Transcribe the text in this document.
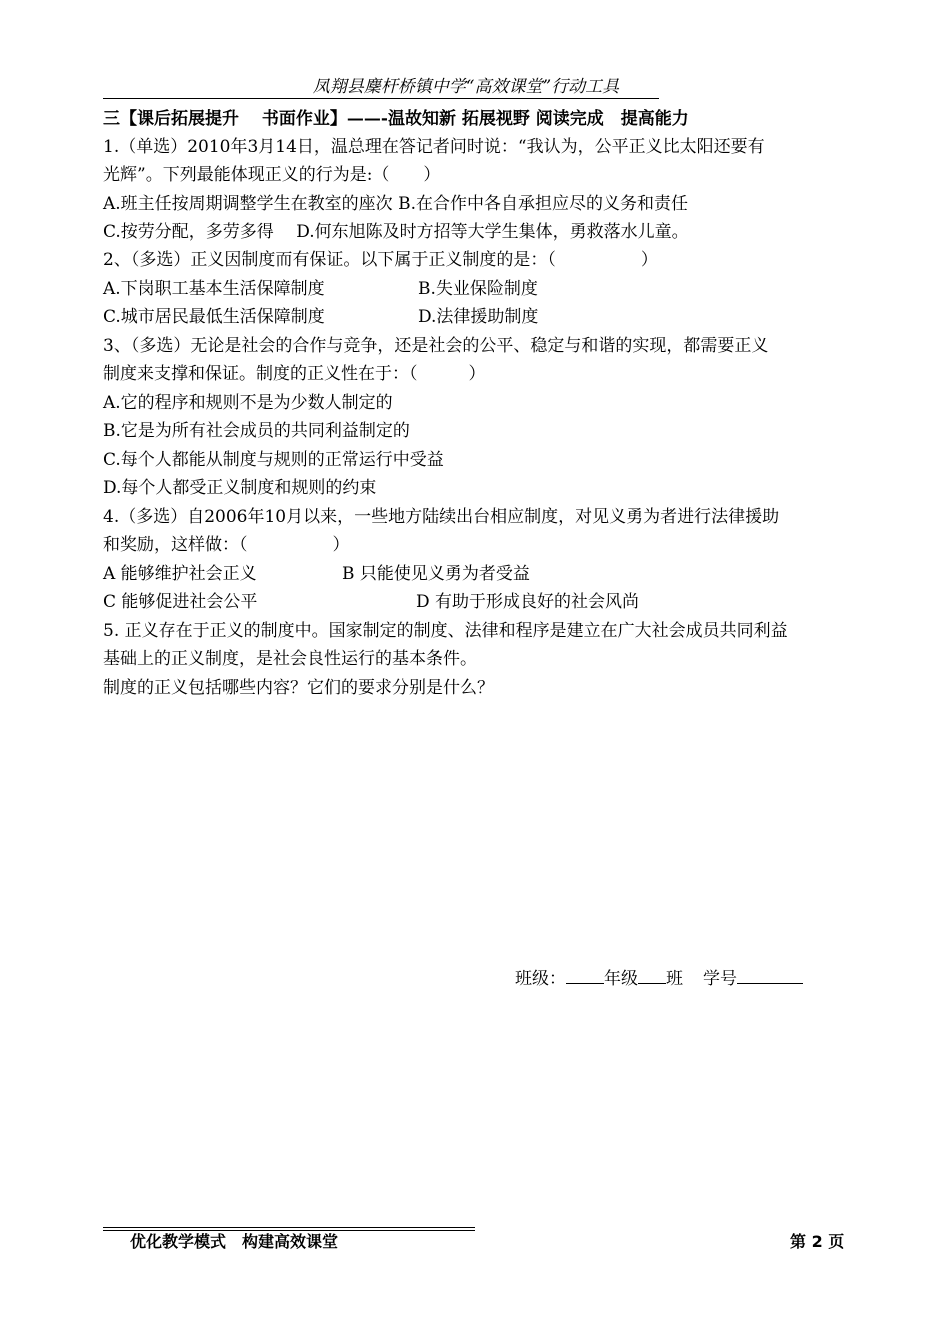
凤翔县麇杆桥镇中学“高效课堂”行动工具
三【课后拓展提升　 书面作业】——-温故知新 拓展视野 阅读完成　提高能力
1.（单选）2010年3月14日，温总理在答记者问时说：“我认为，公平正义比太阳还要有
光辉”。下列最能体现正义的行为是:（　　）
A.班主任按周期调整学生在教室的座次 B.在合作中各自承担应尽的义务和责任
C.按劳分配，多劳多得　 D.何东旭陈及时方招等大学生集体，勇救落水儿童。
2、（多选）正义因制度而有保证。以下属于正义制度的是：（　　　　　）
A.下岗职工基本生活保障制度	B.失业保险制度
C.城市居民最低生活保障制度	D.法律援助制度
3、（多选）无论是社会的合作与竞争，还是社会的公平、稳定与和谐的实现，都需要正义
制度来支撑和保证。制度的正义性在于：（　　　）
A.它的程序和规则不是为少数人制定的
B.它是为所有社会成员的共同利益制定的
C.每个人都能从制度与规则的正常运行中受益
D.每个人都受正义制度和规则的约束
4.（多选）自2006年10月以来，一些地方陆续出台相应制度，对见义勇为者进行法律援助
和奖励，这样做：（　　　　　）
A 能够维护社会正义	B 只能使见义勇为者受益
C 能够促进社会公平	D 有助于形成良好的社会风尚
5. 正义存在于正义的制度中。国家制定的制度、法律和程序是建立在广大社会成员共同利益
基础上的正义制度，是社会良性运行的基本条件。
制度的正义包括哪些内容？它们的要求分别是什么？
班级： 年级 班 学号
优化教学模式　构建高效课堂	第 2 页
